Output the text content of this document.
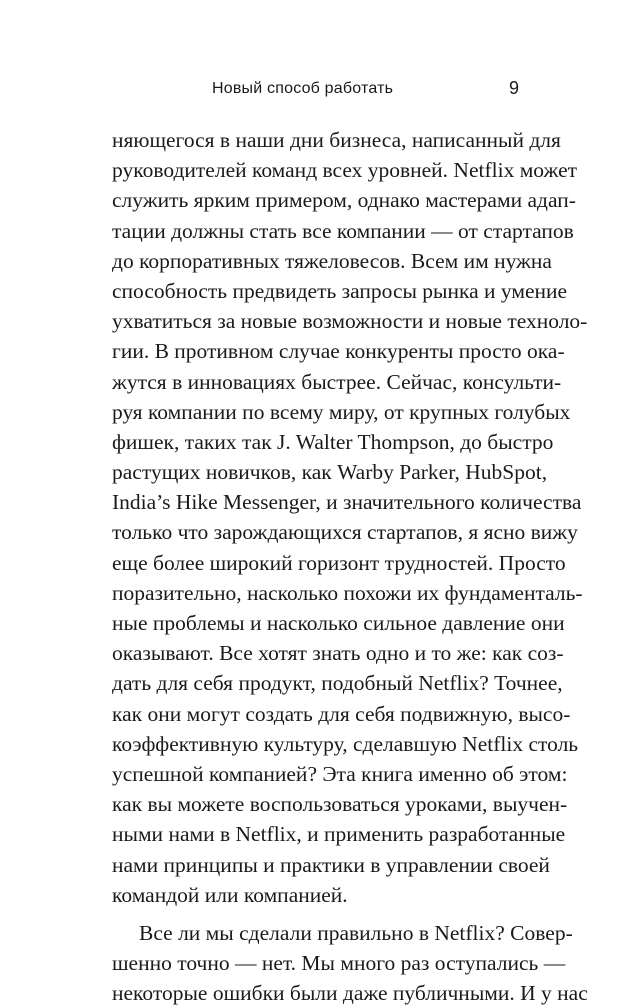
Новый способ работать	9
няющегося в наши дни бизнеса, написанный для
руководителей команд всех уровней. Netflix может
служить ярким примером, однако мастерами адап-
тации должны стать все компании — от стартапов
до корпоративных тяжеловесов. Всем им нужна
способность предвидеть запросы рынка и умение
ухватиться за новые возможности и новые техноло-
гии. В противном случае конкуренты просто ока-
жутся в инновациях быстрее. Сейчас, консульти-
руя компании по всему миру, от крупных голубых
фишек, таких так J. Walter Thompson, до быстро
растущих новичков, как Warby Parker, HubSpot,
India’s Hike Messenger, и значительного количества
только что зарождающихся стартапов, я ясно вижу
еще более широкий горизонт трудностей. Просто
поразительно, насколько похожи их фундаменталь-
ные проблемы и насколько сильное давление они
оказывают. Все хотят знать одно и то же: как соз-
дать для себя продукт, подобный Netflix? Точнее,
как они могут создать для себя подвижную, высо-
коэффективную культуру, сделавшую Netflix столь
успешной компанией? Эта книга именно об этом:
как вы можете воспользоваться уроками, выучен-
ными нами в Netflix, и применить разработанные
нами принципы и практики в управлении своей
командой или компанией.
Все ли мы сделали правильно в Netflix? Совер-
шенно точно — нет. Мы много раз оступались —
некоторые ошибки были даже публичными. И у нас
